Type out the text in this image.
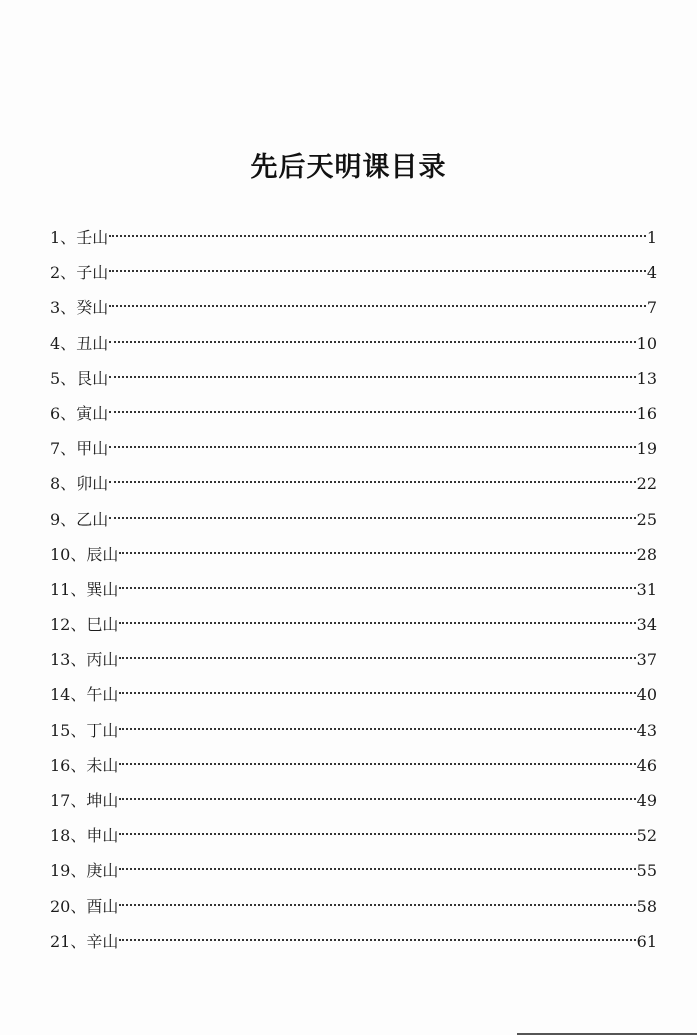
先后天明课目录
1、 壬山	1
2、 子山	4
3、 癸山	7
4、 丑山	10
5、 艮山	13
6、 寅山	16
7、 甲山	19
8、 卯山	22
9、 乙山	25
10、 辰山	28
11、 巽山	31
12、 巳山	34
13、 丙山	37
14、 午山	40
15、 丁山	43
16、 未山	46
17、 坤山	49
18、 申山	52
19、 庚山	55
20、 酉山	58
21、 辛山	61
